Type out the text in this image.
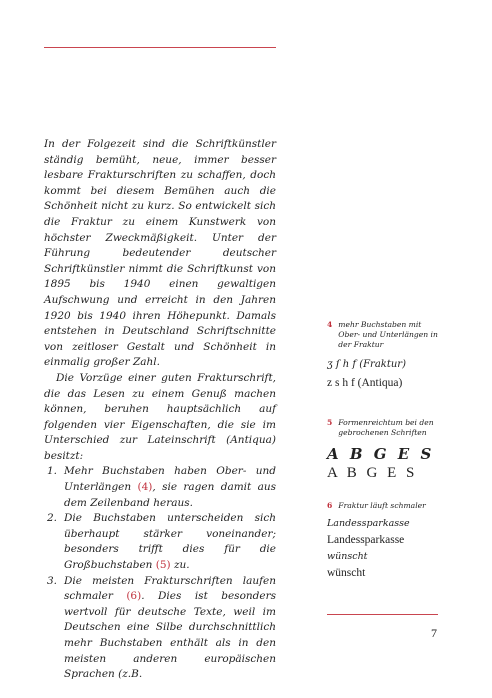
In der Folgezeit sind die Schriftkünstler ständig bemüht, neue, immer besser lesbare Frakturschriften zu schaffen, doch kommt bei diesem Bemühen auch die Schönheit nicht zu kurz. So entwickelt sich die Fraktur zu einem Kunstwerk von höchster Zweckmäßigkeit. Unter der Führung bedeutender deutscher Schriftkünstler nimmt die Schriftkunst von 1895 bis 1940 einen gewaltigen Aufschwung und erreicht in den Jahren 1920 bis 1940 ihren Höhepunkt. Damals entstehen in Deutschland Schriftschnitte von zeitloser Gestalt und Schönheit in einmalig großer Zahl.

Die Vorzüge einer guten Frakturschrift, die das Lesen zu einem Genuß machen können, beruhen hauptsächlich auf folgenden vier Eigenschaften, die sie im Unterschied zur Lateinschrift (Antiqua) besitzt:

1. Mehr Buchstaben haben Ober- und Unterlängen (4), sie ragen damit aus dem Zeilenband heraus.
2. Die Buchstaben unterscheiden sich überhaupt stärker voneinander; besonders trifft dies für die Großbuchstaben (5) zu.
3. Die meisten Frakturschriften laufen schmaler (6). Dies ist besonders wertvoll für deutsche Texte, weil im Deutschen eine Silbe durchschnittlich mehr Buchstaben enthält als in den meisten anderen europäischen Sprachen (z.B.
4 mehr Buchstaben mit Ober- und Unterlängen in der Fraktur
ʒ ſ h f (Fraktur)
z s h f (Antiqua)
5 Formenreichtum bei den gebrochenen Schriften
A B G E S
A B G E S
6 Fraktur läuft schmaler
Landessparkasse
Landessparkasse
wünscht
wünscht
7
